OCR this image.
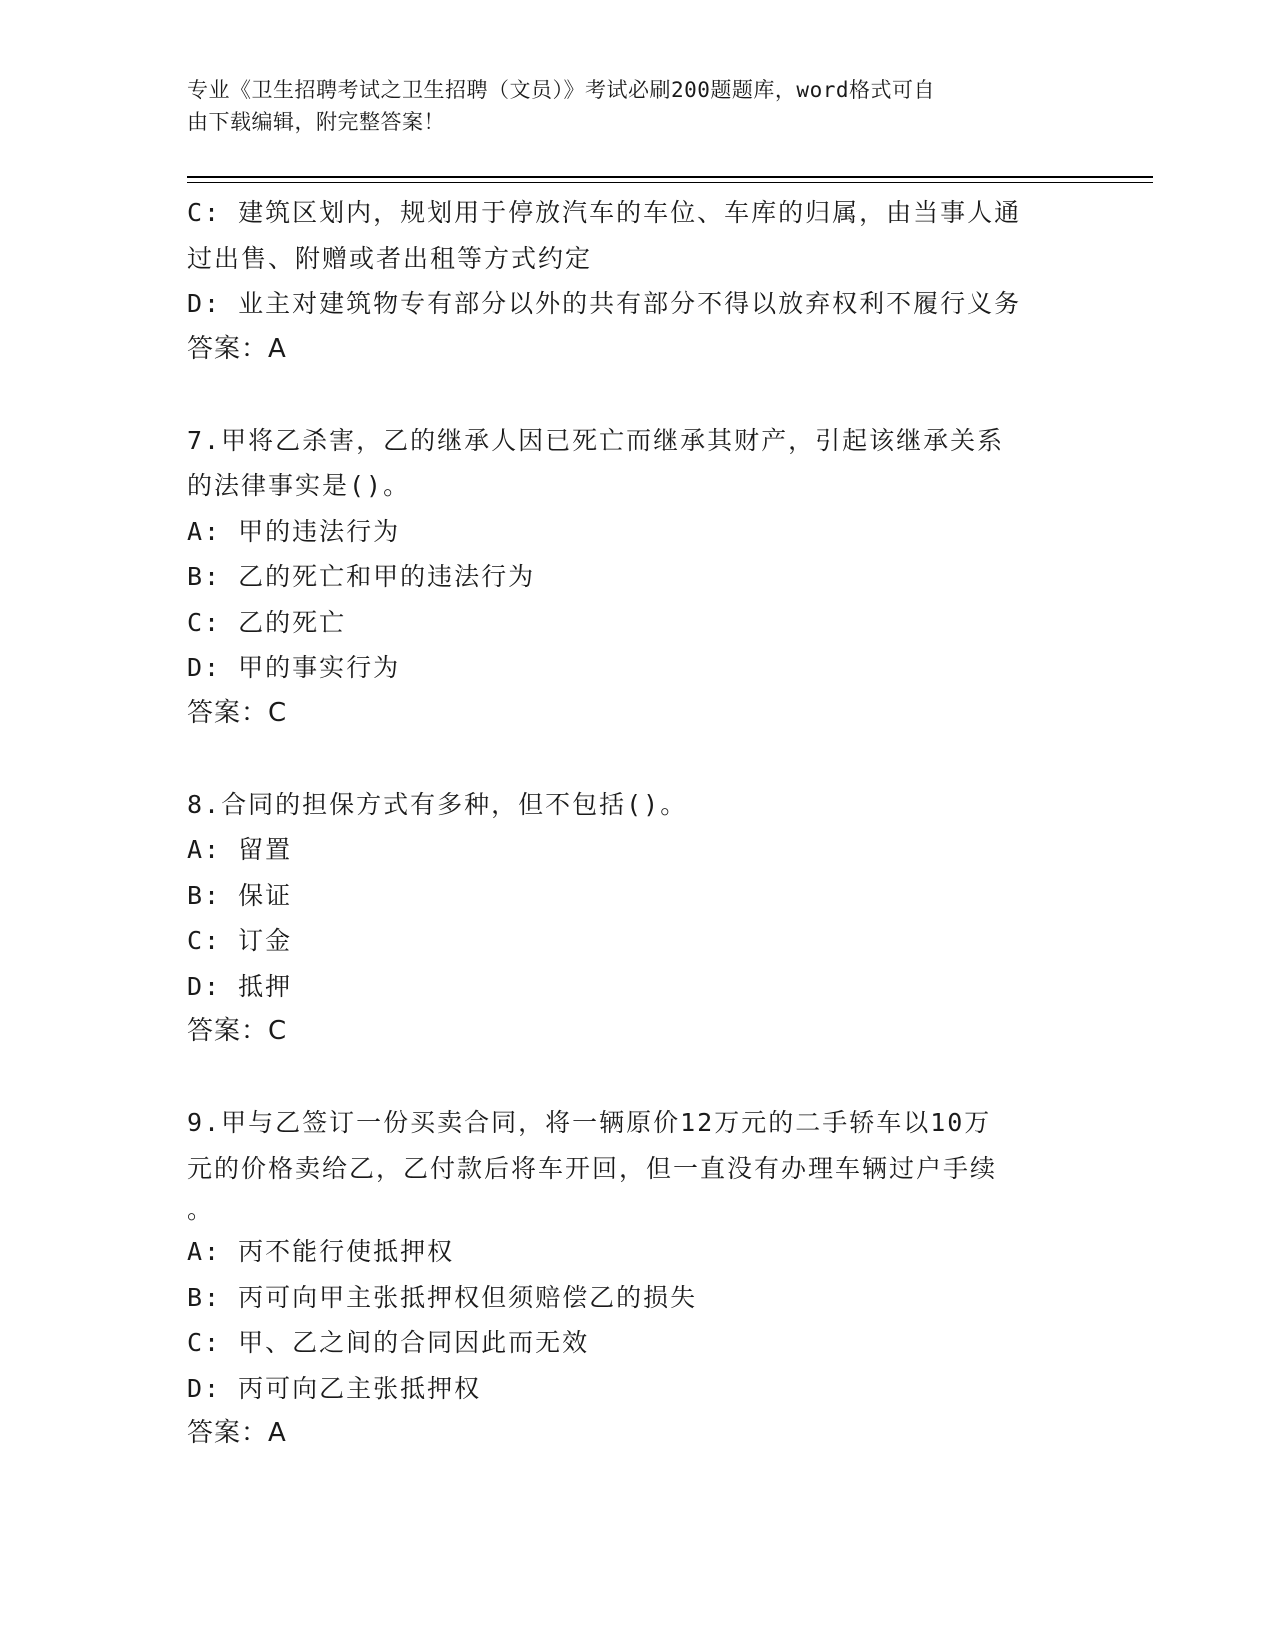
专业《卫生招聘考试之卫生招聘（文员）》考试必刷200题题库，word格式可自
由下载编辑，附完整答案！
C: 建筑区划内，规划用于停放汽车的车位、车库的归属，由当事人通
过出售、附赠或者出租等方式约定
D: 业主对建筑物专有部分以外的共有部分不得以放弃权利不履行义务
答案：A
7.甲将乙杀害，乙的继承人因已死亡而继承其财产，引起该继承关系
的法律事实是()。
A: 甲的违法行为
B: 乙的死亡和甲的违法行为
C: 乙的死亡
D: 甲的事实行为
答案：C
8.合同的担保方式有多种，但不包括()。
A: 留置
B: 保证
C: 订金
D: 抵押
答案：C
9.甲与乙签订一份买卖合同，将一辆原价12万元的二手轿车以10万
元的价格卖给乙，乙付款后将车开回，但一直没有办理车辆过户手续
。
A: 丙不能行使抵押权
B: 丙可向甲主张抵押权但须赔偿乙的损失
C: 甲、乙之间的合同因此而无效
D: 丙可向乙主张抵押权
答案：A
